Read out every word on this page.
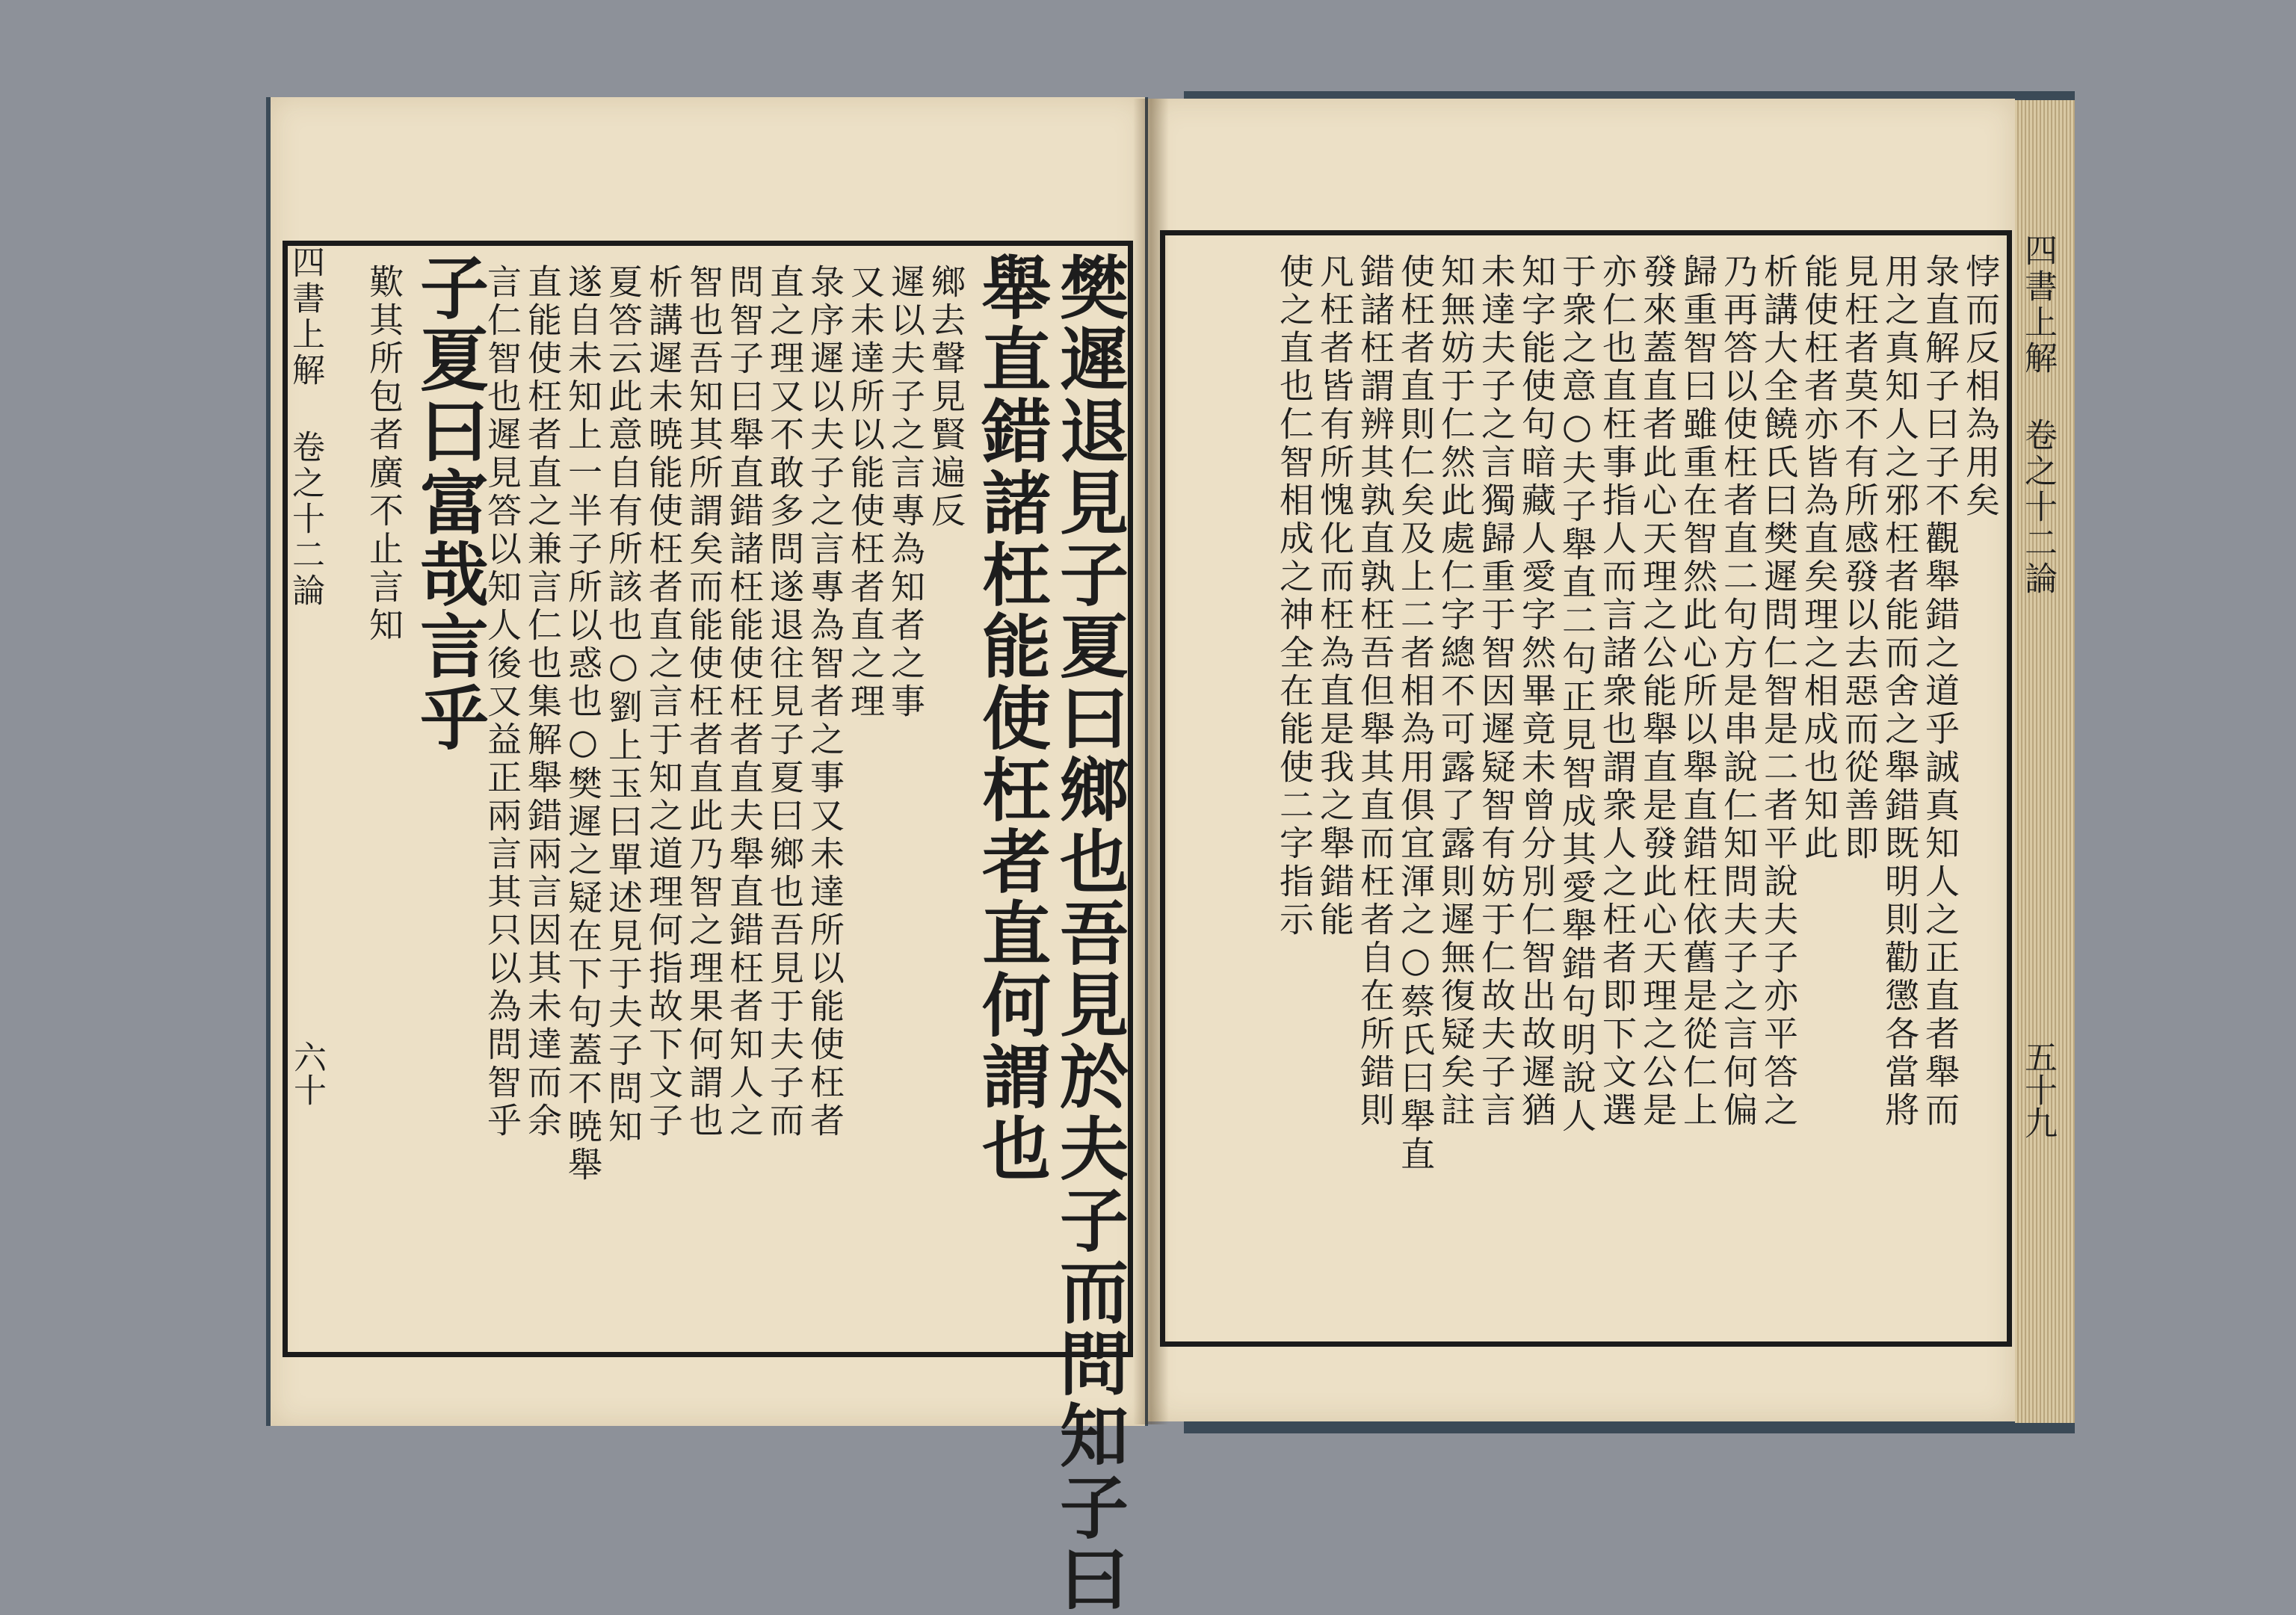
樊遲退見子夏曰鄉也吾見於夫子而問知子曰
舉直錯諸枉能使枉者直何謂也
鄉去聲見賢遍反
遲以夫子之言專為知者之事
又未達所以能使枉者直之理
彔序遲以夫子之言專為智者之事又未達所以能使枉者
直之理又不敢多問遂退往見子夏曰鄉也吾見于夫子而
問智子曰舉直錯諸枉能使枉者直夫舉直錯枉者知人之
智也吾知其所謂矣而能使枉者直此乃智之理果何謂也
析講遲未暁能使枉者直之言于知之道理何指故下文子
夏答云此意自有所該也○劉上玉曰單述見于夫子問知
遂自未知上一半子所以惑也○樊遲之疑在下句蓋不暁舉
直能使枉者直之兼言仁也集解舉錯兩言因其未達而余
言仁智也遲見答以知人後又益正兩言其只以為問智乎
子夏曰富哉言乎
歎其所包者廣不止言知
四書上解 卷之十二論
六十
悖而反相為用矣
彔直解子曰子不觀舉錯之道乎誠真知人之正直者舉而
用之真知人之邪枉者能而舍之舉錯既明則勸懲各當將
見枉者莫不有所感發以去惡而從善即
能使枉者亦皆為直矣理之相成也知此
析講大全饒氏曰樊遲問仁智是二者平說夫子亦平答之
乃再答以使枉者直二句方是串說仁知問夫子之言何偏
歸重智曰雖重在智然此心所以舉直錯枉依舊是從仁上
發來蓋直者此心天理之公能舉直是發此心天理之公是
亦仁也直枉事指人而言諸衆也謂衆人之枉者即下文選
于衆之意○夫子舉直二句正見智成其愛舉錯句明說人
知字能使句暗藏人愛字然畢竟未曾分別仁智出故遲猶
未達夫子之言獨歸重于智因遲疑智有妨于仁故夫子言
知無妨于仁然此處仁字總不可露了露則遲無復疑矣註
使枉者直則仁矣及上二者相為用俱宜渾之○蔡氏曰舉直
錯諸枉謂辨其孰直孰枉吾但舉其直而枉者自在所錯則
凡枉者皆有所愧化而枉為直是我之舉錯能
使之直也仁智相成之神全在能使二字指示	四書上解 卷之十二論
五十九
